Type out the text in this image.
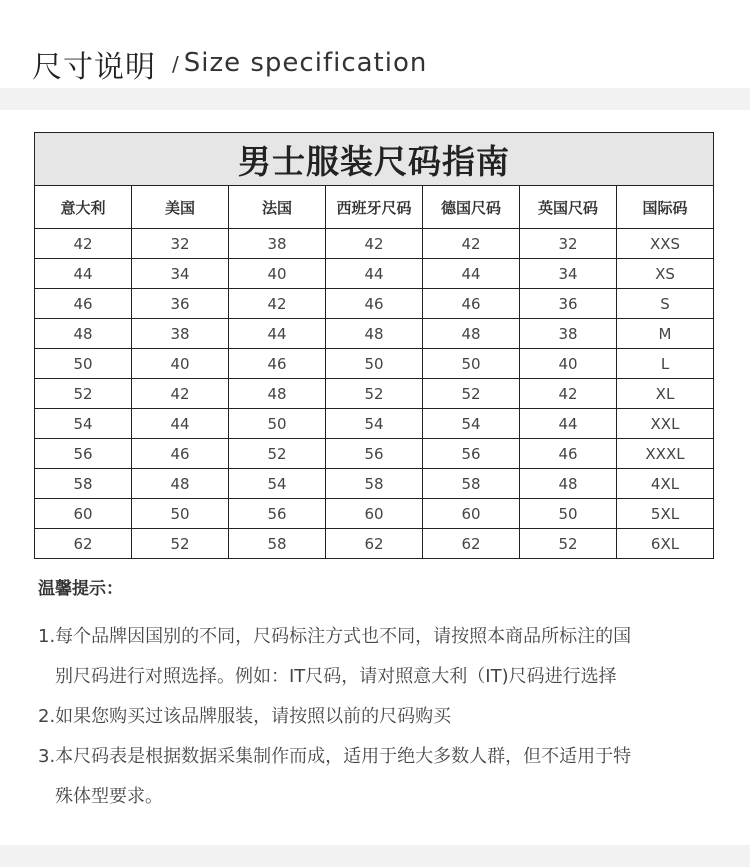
尺寸说明 / Size specification
男士服装尺码指南						
意大利	美国	法国	西班牙尺码	德国尺码	英国尺码	国际码
42	32	38	42	42	32	XXS
44	34	40	44	44	34	XS
46	36	42	46	46	36	S
48	38	44	48	48	38	M
50	40	46	50	50	40	L
52	42	48	52	52	42	XL
54	44	50	54	54	44	XXL
56	46	52	56	56	46	XXXL
58	48	54	58	58	48	4XL
60	50	56	60	60	50	5XL
62	52	58	62	62	52	6XL
温馨提示：
1.每个品牌因国别的不同，尺码标注方式也不同，请按照本商品所标注的国
别尺码进行对照选择。例如：IT尺码，请对照意大利（IT)尺码进行选择
2.如果您购买过该品牌服装，请按照以前的尺码购买
3.本尺码表是根据数据采集制作而成，适用于绝大多数人群，但不适用于特
殊体型要求。
